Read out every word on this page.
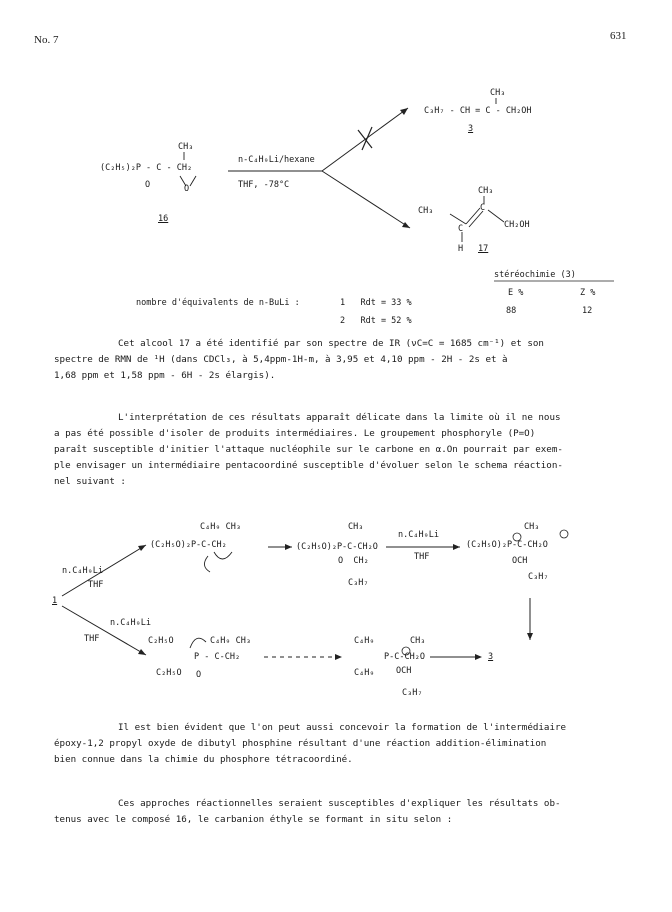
No. 7	631
CH₃
(C₂H₅)₂P - C - CH₂
O	O
16
n-C₄H₉Li/hexane
THF, -78°C
CH₃
C₃H₇ - CH = C - CH₂OH
3
CH₃
C
CH₃
C	CH₂OH
H 17
stéréochimie (3)
E %	Z %
88	12
nombre d'équivalents de n-BuLi :	1   Rdt = 33 %
2   Rdt = 52 %

Cet alcool 17 a été identifié par son spectre de IR (νC=C = 1685 cm⁻¹) et son

spectre de RMN de ¹H (dans CDCl₃, à 5,4ppm-1H-m, à 3,95 et 4,10 ppm - 2H - 2s et à

1,68 ppm et 1,58 ppm - 6H - 2s élargis).

L'interprétation de ces résultats apparaît délicate dans la limite où il ne nous

a pas été possible d'isoler de produits intermédiaires. Le groupement phosphoryle (P=O)

paraît susceptible d'initier l'attaque nucléophile sur le carbone en α.On pourrait par exem-

ple envisager un intermédiaire pentacoordiné susceptible d'évoluer selon le schema réaction-

nel suivant :

1
n.C₄H₉Li
THF
n.C₄H₉Li
THF
C₄H₉ CH₃
(C₂H₅O)₂P-C-CH₂
CH₃
(C₂H₅O)₂P-C-CH₂O
O  CH₂
C₃H₇
n.C₄H₉Li
THF
CH₃
(C₂H₅O)₂P-C-CH₂O
OCH
C₃H₇
C₂H₅O	C₄H₉ CH₃
P - C-CH₂
C₂H₅O O
C₄H₉	CH₃
P-C-CH₂O
C₄H₉	OCH
C₃H₇
3

Il est bien évident que l'on peut aussi concevoir la formation de l'intermédiaire

époxy-1,2 propyl oxyde de dibutyl phosphine résultant d'une réaction addition-élimination

bien connue dans la chimie du phosphore tétracoordiné.

Ces approches réactionnelles seraient susceptibles d'expliquer les résultats ob-

tenus avec le composé 16, le carbanion éthyle se formant in situ selon :
